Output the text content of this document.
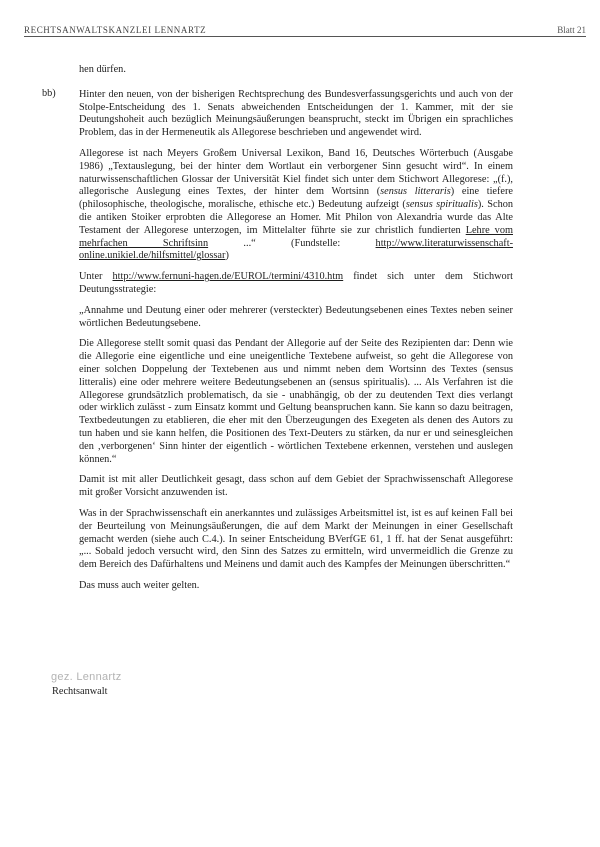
RECHTSANWALTSKANZLEI LENNARTZ	Blatt 21
bb)

hen dürfen.

Hinter den neuen, von der bisherigen Rechtsprechung des Bundesverfassungsgerichts und auch von der Stolpe-Entscheidung des 1. Senats abweichenden Entscheidungen der 1. Kammer, mit der sie Deutungshoheit auch bezüglich Meinungsäußerungen beansprucht, steckt im Übrigen ein sprachliches Problem, das in der Hermeneutik als Allegorese beschrieben und angewendet wird.

Allegorese ist nach Meyers Großem Universal Lexikon, Band 16, Deutsches Wörterbuch (Ausgabe 1986) „Textauslegung, bei der hinter dem Wortlaut ein verborgener Sinn gesucht wird“. In einem naturwissenschaftlichen Glossar der Universität Kiel findet sich unter dem Stichwort Allegorese: „(f.), allegorische Auslegung eines Textes, der hinter dem Wortsinn (sensus litteraris) eine tiefere (philosophische, theologische, moralische, ethische etc.) Bedeutung aufzeigt (sensus spiritualis). Schon die antiken Stoiker erprobten die Allegorese an Homer. Mit Philon von Alexandria wurde das Alte Testament der Allegorese unterzogen, im Mittelalter führte sie zur christlich fundierten Lehre vom mehrfachen Schriftsinn ...“ (Fundstelle: http://www.literaturwissenschaft-online.unikiel.de/hilfsmittel/glossar)

Unter http://www.fernuni-hagen.de/EUROL/termini/4310.htm findet sich unter dem Stichwort Deutungsstrategie:

„Annahme und Deutung einer oder mehrerer (versteckter) Bedeutungsebenen eines Textes neben seiner wörtlichen Bedeutungsebene.

Die Allegorese stellt somit quasi das Pendant der Allegorie auf der Seite des Rezipienten dar: Denn wie die Allegorie eine eigentliche und eine uneigentliche Textebene aufweist, so geht die Allegorese von einer solchen Doppelung der Textebenen aus und nimmt neben dem Wortsinn des Textes (sensus litteralis) eine oder mehrere weitere Bedeutungsebenen an (sensus spiritualis). ... Als Verfahren ist die Allegorese grundsätzlich problematisch, da sie - unabhängig, ob der zu deutenden Text dies verlangt oder wirklich zulässt - zum Einsatz kommt und Geltung beanspruchen kann. Sie kann so dazu beitragen, Textbedeutungen zu etablieren, die eher mit den Überzeugungen des Exegeten als denen des Autors zu tun haben und sie kann helfen, die Positionen des Text-Deuters zu stärken, da nur er und seinesgleichen den ‚verborgenen‘ Sinn hinter der eigentlich - wörtlichen Textebene erkennen, verstehen und auslegen können.“

Damit ist mit aller Deutlichkeit gesagt, dass schon auf dem Gebiet der Sprachwissenschaft Allegorese mit großer Vorsicht anzuwenden ist.

Was in der Sprachwissenschaft ein anerkanntes und zulässiges Arbeitsmittel ist, ist es auf keinen Fall bei der Beurteilung von Meinungsäußerungen, die auf dem Markt der Meinungen in einer Gesellschaft gemacht werden (siehe auch C.4.). In seiner Entscheidung BVerfGE 61, 1 ff. hat der Senat ausgeführt: „... Sobald jedoch versucht wird, den Sinn des Satzes zu ermitteln, wird unvermeidlich die Grenze zu dem Bereich des Dafürhaltens und Meinens und damit auch des Kampfes der Meinungen überschritten.“

Das muss auch weiter gelten.

gez. Lennartz
Rechtsanwalt
